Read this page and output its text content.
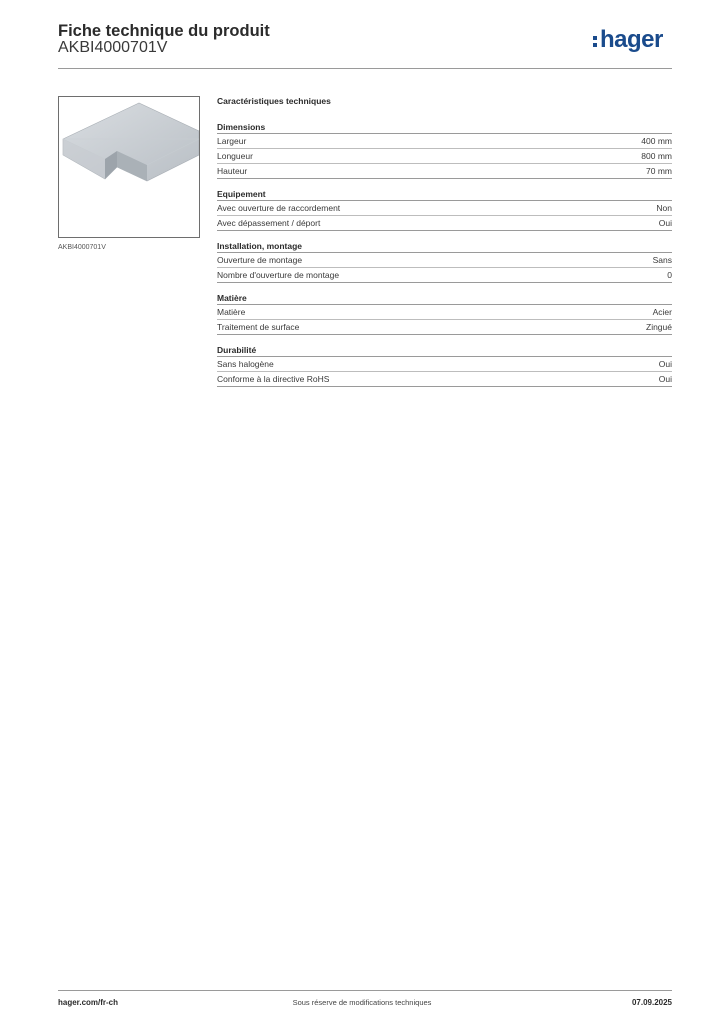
Fiche technique du produit
AKBI4000701V	hager
AKBI4000701V
Caractéristiques techniques
Dimensions
Largeur	400 mm
Longueur	800 mm
Hauteur	70 mm
Equipement
Avec ouverture de raccordement	Non
Avec dépassement / déport	Oui
Installation, montage
Ouverture de montage	Sans
Nombre d'ouverture de montage	0
Matière
Matière	Acier
Traitement de surface	Zingué
Durabilité
Sans halogène	Oui
Conforme à la directive RoHS	Oui
hager.com/fr-ch	Sous réserve de modifications techniques	07.09.2025
